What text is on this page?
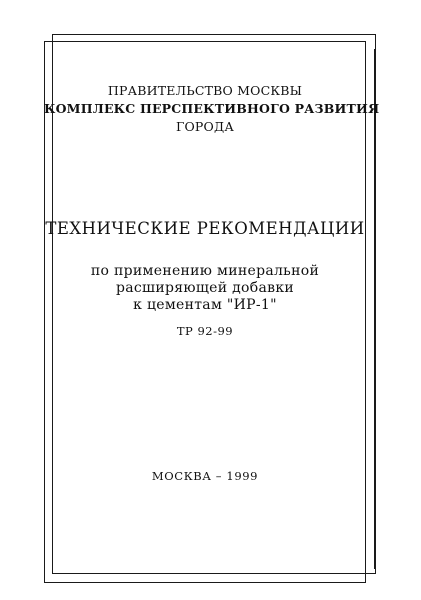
ПРАВИТЕЛЬСТВО МОСКВЫ
КОМПЛЕКС ПЕРСПЕКТИВНОГО РАЗВИТИЯ
ГОРОДА
ТЕХНИЧЕСКИЕ РЕКОМЕНДАЦИИ
по применению минеральной
расширяющей добавки
к цементам "ИР-1"
ТР 92-99
МОСКВА – 1999
